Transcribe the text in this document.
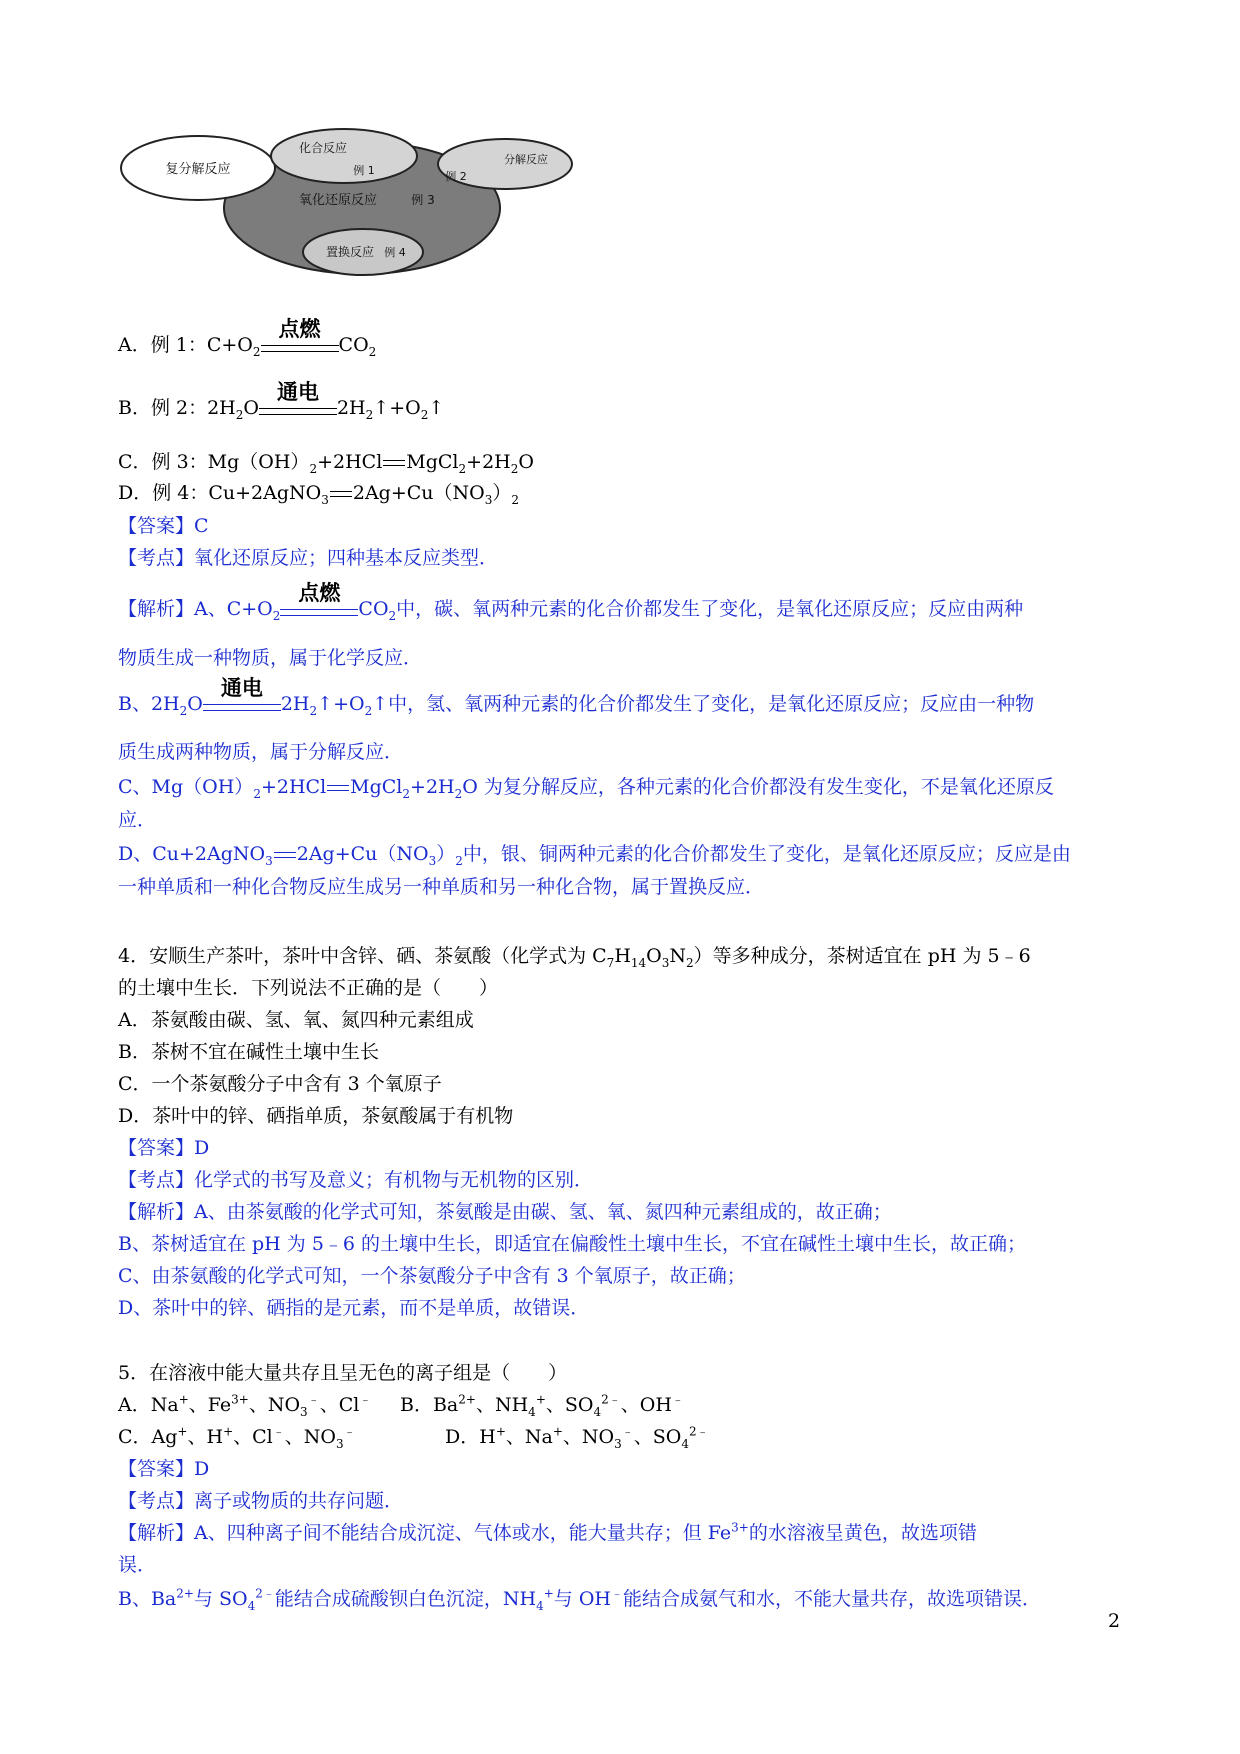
复分解反应
化合反应
例 1
分解反应
例 2
氧化还原反应	例 3
置换反应 例 4
A．例 1：$C+O_2$
点燃
$CO_2$
B．例 2：$2H_2O$
通电
$2H_2↑+O_2↑$
C．例 3：$Mg(OH)_2+2HCl$ $MgCl_2+2H_2O$
D．例 4：Cu+2AgNO$_3$ $2Ag+Cu(NO_3)_2$
【答案】C
【考点】氧化还原反应；四种基本反应类型．
【解析】A、$C+O_2$
点燃
$CO_2$中，碳、氧两种元素的化合价都发生了变化，是氧化还原反应；反应由两种
物质生成一种物质，属于化学反应．
B、$2H_2O$
通电
$2H_2↑+O_2↑$中，氢、氧两种元素的化合价都发生了变化，是氧化还原反应；反应由一种物
质生成两种物质，属于分解反应．
C、$Mg(OH)_2+2HCl$ $MgCl_2+2H_2O$ 为复分解反应，各种元素的化合价都没有发生变化，不是氧化还原反
应．
D、Cu+2AgNO$_3$ $2Ag+Cu(NO_3)_2$中，银、铜两种元素的化合价都发生了变化，是氧化还原反应；反应是由
一种单质和一种化合物反应生成另一种单质和另一种化合物，属于置换反应．
4．安顺生产茶叶，茶叶中含锌、硒、茶氨酸（化学式为 $C_7H_{14}O_3N_2$）等多种成分，茶树适宜在 pH 为 5﹣6
的土壤中生长．下列说法不正确的是（　　）
A．茶氨酸由碳、氢、氧、氮四种元素组成
B．茶树不宜在碱性土壤中生长
C．一个茶氨酸分子中含有 3 个氧原子
D．茶叶中的锌、硒指单质，茶氨酸属于有机物
【答案】D
【考点】化学式的书写及意义；有机物与无机物的区别．
【解析】A、由茶氨酸的化学式可知，茶氨酸是由碳、氢、氧、氮四种元素组成的，故正确；
B、茶树适宜在 pH 为 5﹣6 的土壤中生长，即适宜在偏酸性土壤中生长，不宜在碱性土壤中生长，故正确；
C、由茶氨酸的化学式可知，一个茶氨酸分子中含有 3 个氧原子，故正确；
D、茶叶中的锌、硒指的是元素，而不是单质，故错误．
5．在溶液中能大量共存且呈无色的离子组是（　　）
A．Na+、$Fe^{3+}$、$NO_3^﹣$、Cl﹣ B．$Ba^{2+}$、$NH_4^+$、$SO_4^{2﹣}$、OH﹣
C．Ag+、H+、Cl﹣、$NO_3^﹣$	D．H+、Na+、$NO_3^﹣$、$SO_4^{2﹣}$
【答案】D
【考点】离子或物质的共存问题．
【解析】A、四种离子间不能结合成沉淀、气体或水，能大量共存；但 $Fe^{3+}$的水溶液呈黄色，故选项错
误．
B、$Ba^{2+}$与 $SO_4^{2﹣}$能结合成硫酸钡白色沉淀，$NH_4^+$与 OH﹣能结合成氨气和水，不能大量共存，故选项错误．
2
